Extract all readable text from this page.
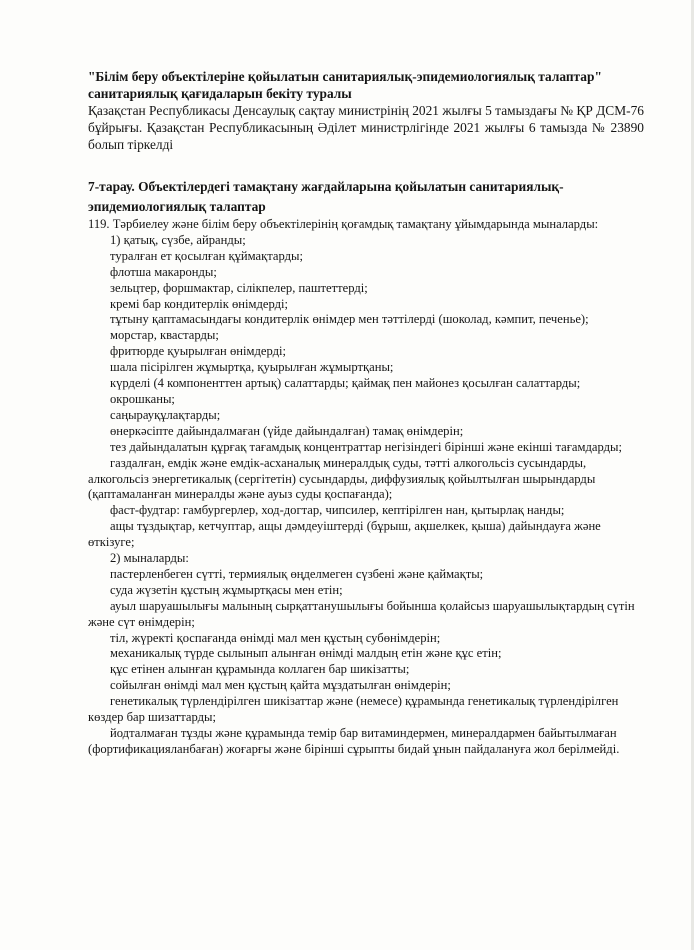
"Білім беру объектілеріне қойылатын санитариялық-эпидемиологиялық талаптар"
санитариялық қағидаларын бекіту туралы

Қазақстан Республикасы Денсаулық сақтау министрінің 2021 жылғы 5 тамыздағы № ҚР ДСМ-76 бұйрығы. Қазақстан Республикасының Әділет министрлігінде 2021 жылғы 6 тамызда № 23890 болып тіркелді

7-тарау. Объектілердегі тамақтану жағдайларына қойылатын санитариялық-эпидемиологиялық талаптар

119. Тәрбиелеу және білім беру объектілерінің қоғамдық тамақтану ұйымдарында мыналарды:

1) қатық, сүзбе, айранды;

туралған ет қосылған құймақтарды;

флотша макаронды;

зельцтер, форшмактар, сілікпелер, паштеттерді;

кремі бар кондитерлік өнімдерді;

тұтыну қаптамасындағы кондитерлік өнімдер мен тәттілерді (шоколад, кәмпит, печенье);

морстар, квастарды;

фритюрде қуырылған өнімдерді;

шала пісірілген жұмыртқа, қуырылған жұмыртқаны;

күрделі (4 компоненттен артық) салаттарды; қаймақ пен майонез қосылған салаттарды;

окрошканы;

саңырауқұлақтарды;

өнеркәсіпте дайындалмаған (үйде дайындалған) тамақ өнімдерін;

тез дайындалатын құрғақ тағамдық концентраттар негізіндегі бірінші және екінші тағамдарды;

газдалған, емдік және емдік-асханалық минералдық суды, тәтті алкогольсіз сусындарды, алкогольсіз энергетикалық (сергітетін) сусындарды, диффузиялық қойылтылған шырындарды (қаптамаланған минералды және ауыз суды қоспағанда);

фаст-фудтар: гамбургерлер, ход-догтар, чипсилер, кептірілген нан, қытырлақ нанды;

ащы тұздықтар, кетчуптар, ащы дәмдеуіштерді (бұрыш, ақшелкек, қыша) дайындауға және өткізуге;

2) мыналарды:

пастерленбеген сүтті, термиялық өңделмеген сүзбені және қаймақты;

суда жүзетін құстың жұмыртқасы мен етін;

ауыл шаруашылығы малының сырқаттанушылығы бойынша қолайсыз шаруашылықтардың сүтін және сүт өнімдерін;

тіл, жүректі қоспағанда өнімді мал мен құстың субөнімдерін;

механикалық түрде сылынып алынған өнімді малдың етін және құс етін;

құс етінен алынған құрамында коллаген бар шикізатты;

сойылған өнімді мал мен құстың қайта мұздатылған өнімдерін;

генетикалық түрлендірілген шикізаттар және (немесе) құрамында генетикалық түрлендірілген көздер бар шизаттарды;

йодталмаған тұзды және құрамында темір бар витаминдермен, минералдармен байытылмаған (фортификацияланбаған) жоғарғы және бірінші сұрыпты бидай ұнын пайдалануға жол берілмейді.
